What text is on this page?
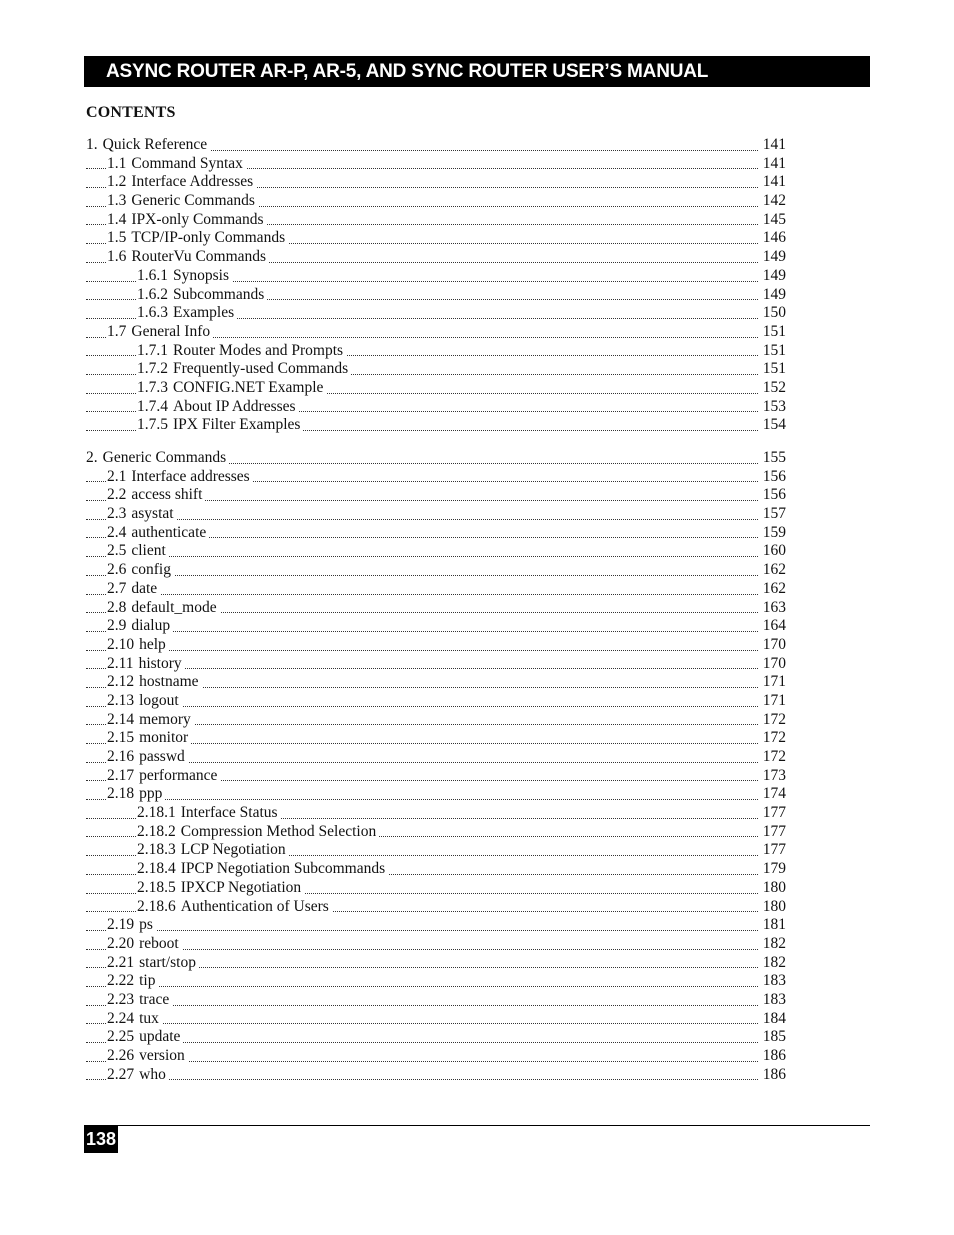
ASYNC ROUTER AR-P, AR-5, AND SYNC ROUTER USER’S MANUAL
CONTENTS
1. Quick Reference	141
1.1 Command Syntax	141
1.2 Interface Addresses	141
1.3 Generic Commands	142
1.4 IPX-only Commands	145
1.5 TCP/IP-only Commands	146
1.6 RouterVu Commands	149
1.6.1 Synopsis	149
1.6.2 Subcommands	149
1.6.3 Examples	150
1.7 General Info	151
1.7.1 Router Modes and Prompts	151
1.7.2 Frequently-used Commands	151
1.7.3 CONFIG.NET Example	152
1.7.4 About IP Addresses	153
1.7.5 IPX Filter Examples	154
2. Generic Commands	155
2.1 Interface addresses	156
2.2 access shift	156
2.3 asystat	157
2.4 authenticate	159
2.5 client	160
2.6 config	162
2.7 date	162
2.8 default_mode	163
2.9 dialup	164
2.10 help	170
2.11 history	170
2.12 hostname	171
2.13 logout	171
2.14 memory	172
2.15 monitor	172
2.16 passwd	172
2.17 performance	173
2.18 ppp	174
2.18.1 Interface Status	177
2.18.2 Compression Method Selection	177
2.18.3 LCP Negotiation	177
2.18.4 IPCP Negotiation Subcommands	179
2.18.5 IPXCP Negotiation	180
2.18.6 Authentication of Users	180
2.19 ps	181
2.20 reboot	182
2.21 start/stop	182
2.22 tip	183
2.23 trace	183
2.24 tux	184
2.25 update	185
2.26 version	186
2.27 who	186
138
